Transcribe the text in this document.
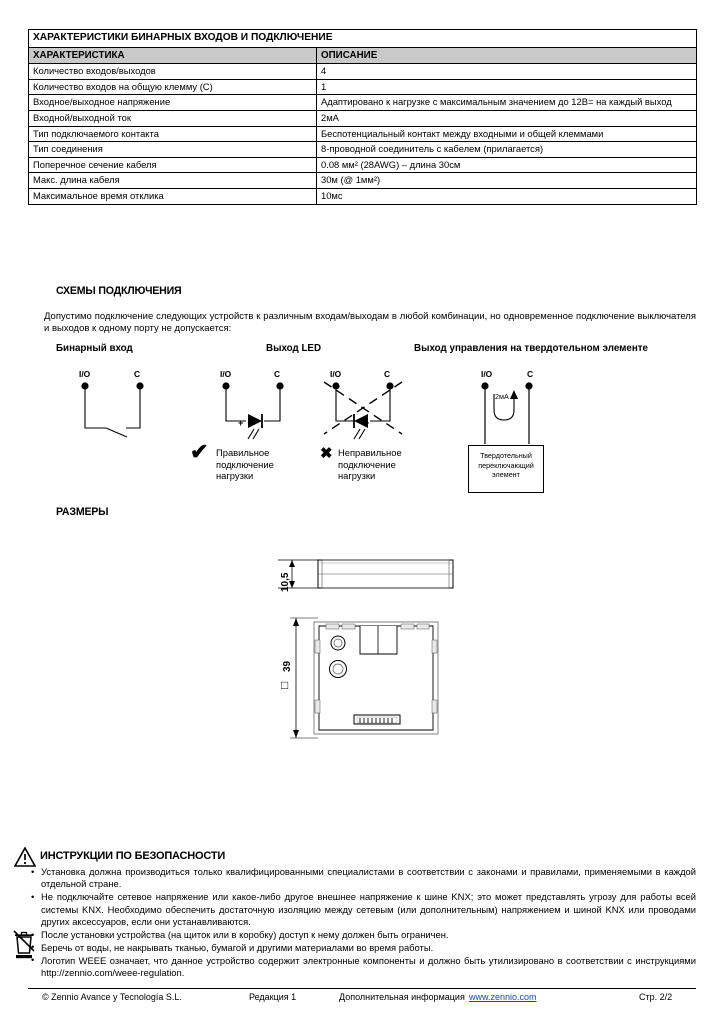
ХАРАКТЕРИСТИКИ БИНАРНЫХ ВХОДОВ И ПОДКЛЮЧЕНИЕ	
ХАРАКТЕРИСТИКА	ОПИСАНИЕ
Количество входов/выходов	4
Количество входов на общую клемму (C)	1
Входное/выходное напряжение	Адаптировано к нагрузке с максимальным значением до 12В= на каждый выход
Входной/выходной ток	2мA
Тип подключаемого контакта	Беспотенциальный контакт между входными и общей клеммами
Тип соединения	8-проводной соединитель с кабелем (прилагается)
Поперечное сечение кабеля	0.08 мм² (28AWG) – длина 30см
Макс. длина кабеля	30м (@ 1мм²)
Максимальное время отклика	10мс
СХЕМЫ ПОДКЛЮЧЕНИЯ
Допустимо подключение следующих устройств к различным входам/выходам в любой комбинации, но одновременное подключение выключателя и выходов к одному порту не допускается:
Бинарный вход	Выход LED	Выход управления на твердотельном элементе
I/O	C	I/O	C
+
✔ Правильное подключение нагрузки
I/O	C
+
✖ Неправильное подключение нагрузки
I/O	C
2мA
Твердотельный переключающий элемент
РАЗМЕРЫ
10,5
39
□
ИНСТРУКЦИИ ПО БЕЗОПАСНОСТИ
• Установка должна производиться только квалифицированными специалистами в соответствии с законами и правилами, применяемыми в каждой отдельной стране.
• Не подключайте сетевое напряжение или какое-либо другое внешнее напряжение к шине KNX; это может представлять угрозу для работы всей системы KNX. Необходимо обеспечить достаточную изоляцию между сетевым (или дополнительным) напряжением и шиной KNX или проводами других аксессуаров, если они устанавливаются.
• После установки устройства (на щиток или в коробку) доступ к нему должен быть ограничен.
• Беречь от воды, не накрывать тканью, бумагой и другими материалами во время работы.
• Логотип WEEE означает, что данное устройство содержит электронные компоненты и должно быть утилизировано в соответствии с инструкциями http://zennio.com/weee-regulation.
© Zennio Avance y Tecnología S.L.	Редакция 1	Дополнительная информация www.zennio.com	Стр. 2/2
